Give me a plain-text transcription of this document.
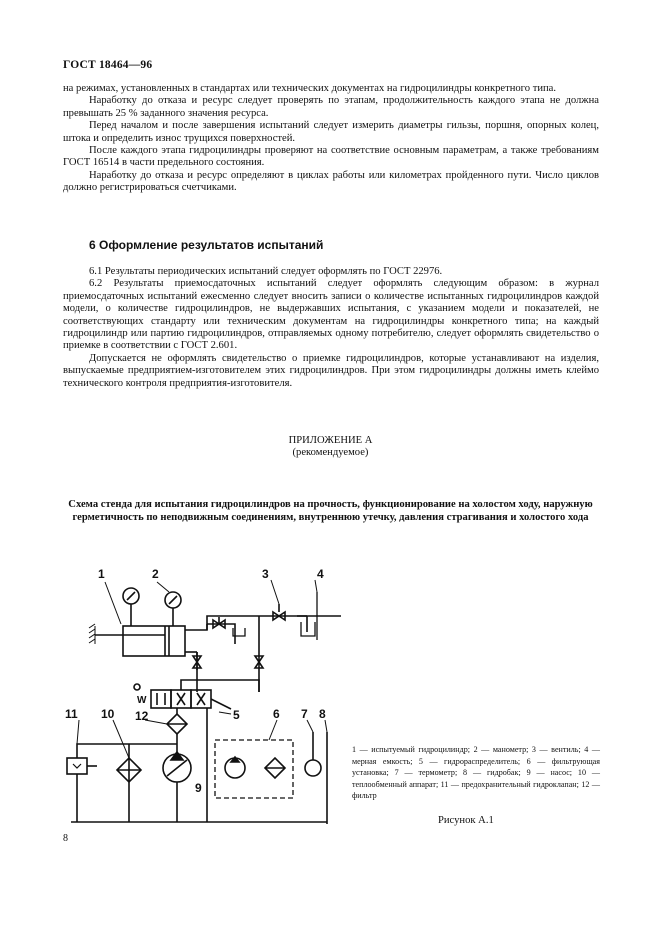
ГОСТ 18464—96

на режимах, установленных в стандартах или технических документах на гидроцилиндры конкретного типа.

Наработку до отказа и ресурс следует проверять по этапам, продолжительность каждого этапа не должна превышать 25 % заданного значения ресурса.

Перед началом и после завершения испытаний следует измерить диаметры гильзы, поршня, опорных колец, штока и определить износ трущихся поверхностей.

После каждого этапа гидроцилиндры проверяют на соответствие основным параметрам, а также требованиям ГОСТ 16514 в части предельного состояния.

Наработку до отказа и ресурс определяют в циклах работы или километрах пройденного пути. Число циклов должно регистрироваться счетчиками.

6 Оформление результатов испытаний

6.1 Результаты периодических испытаний следует оформлять по ГОСТ 22976.

6.2 Результаты приемосдаточных испытаний следует оформлять следующим образом: в журнал приемосдаточных испытаний ежесменно следует вносить записи о количестве испытанных гидроцилиндров каждой модели, о количестве гидроцилиндров, не выдержавших испытания, с указанием модели и показателей, не соответствующих стандарту или техническим документам на гидроцилиндры конкретного типа; на каждый гидроцилиндр или партию гидроцилиндров, отправляемых одному потребителю, следует оформлять свидетельство о приемке в соответствии с ГОСТ 2.601.

Допускается не оформлять свидетельство о приемке гидроцилиндров, которые устанавливают на изделия, выпускаемые предприятием-изготовителем этих гидроцилиндров. При этом гидроцилиндры должны иметь клеймо технического контроля предприятия-изготовителя.

ПРИЛОЖЕНИЕ А
(рекомендуемое)
Схема стенда для испытания гидроцилиндров на прочность, функционирование на холостом ходу, наружную герметичность по неподвижным соединениям, внутреннюю утечку, давления страгивания и холостого хода
1	2	3	4
5	6 7 8
9
10
11	12
W
1 — испытуемый гидроцилиндр; 2 — манометр; 3 — вентиль; 4 — мерная емкость; 5 — гидрораспределитель; 6 — фильтрующая установка; 7 — термометр; 8 — гидробак; 9 — насос; 10 — теплообменный аппарат; 11 — предохранительный гидроклапан; 12 — фильтр
Рисунок А.1
8
